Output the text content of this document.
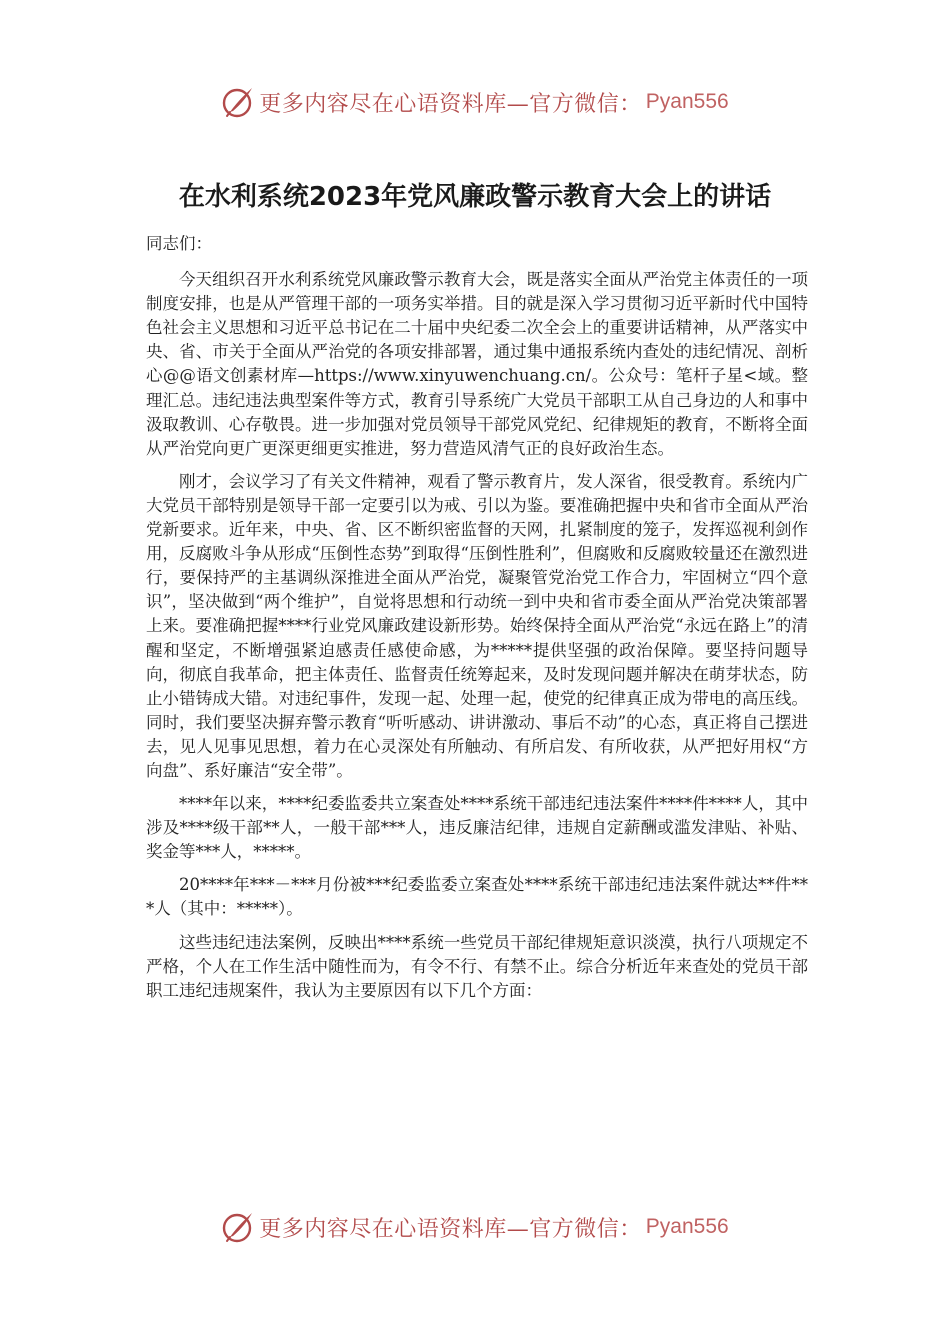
更多内容尽在心语资料库—官方微信： Pyan556
在水利系统2023年党风廉政警示教育大会上的讲话

同志们：

今天组织召开水利系统党风廉政警示教育大会，既是落实全面从严治党主体责任的一项制度安排，也是从严管理干部的一项务实举措。目的就是深入学习贯彻习近平新时代中国特色社会主义思想和习近平总书记在二十届中央纪委二次全会上的重要讲话精神，从严落实中央、省、市关于全面从严治党的各项安排部署，通过集中通报系统内查处的违纪情况、剖析心@@语文创素材库—https://www.xinyuwenchuang.cn/。公众号：笔杆子星<域。整理汇总。违纪违法典型案件等方式，教育引导系统广大党员干部职工从自己身边的人和事中汲取教训、心存敬畏。进一步加强对党员领导干部党风党纪、纪律规矩的教育，不断将全面从严治党向更广更深更细更实推进，努力营造风清气正的良好政治生态。

刚才，会议学习了有关文件精神，观看了警示教育片，发人深省，很受教育。系统内广大党员干部特别是领导干部一定要引以为戒、引以为鉴。要准确把握中央和省市全面从严治党新要求。近年来，中央、省、区不断织密监督的天网，扎紧制度的笼子，发挥巡视利剑作用，反腐败斗争从形成“压倒性态势”到取得“压倒性胜利”，但腐败和反腐败较量还在激烈进行，要保持严的主基调纵深推进全面从严治党，凝聚管党治党工作合力，牢固树立“四个意识”，坚决做到“两个维护”，自觉将思想和行动统一到中央和省市委全面从严治党决策部署上来。要准确把握****行业党风廉政建设新形势。始终保持全面从严治党“永远在路上”的清醒和坚定，不断增强紧迫感责任感使命感，为*****提供坚强的政治保障。要坚持问题导向，彻底自我革命，把主体责任、监督责任统筹起来，及时发现问题并解决在萌芽状态，防止小错铸成大错。对违纪事件，发现一起、处理一起，使党的纪律真正成为带电的高压线。同时，我们要坚决摒弃警示教育“听听感动、讲讲激动、事后不动”的心态，真正将自己摆进去，见人见事见思想，着力在心灵深处有所触动、有所启发、有所收获，从严把好用权“方向盘”、系好廉洁“安全带”。

****年以来，****纪委监委共立案查处****系统干部违纪违法案件****件****人，其中涉及****级干部**人，一般干部***人，违反廉洁纪律，违规自定薪酬或滥发津贴、补贴、奖金等***人，*****。

20****年***－***月份被***纪委监委立案查处****系统干部违纪违法案件就达**件***人（其中：*****）。

这些违纪违法案例，反映出****系统一些党员干部纪律规矩意识淡漠，执行八项规定不严格，个人在工作生活中随性而为，有令不行、有禁不止。综合分析近年来查处的党员干部职工违纪违规案件，我认为主要原因有以下几个方面：

更多内容尽在心语资料库—官方微信： Pyan556
